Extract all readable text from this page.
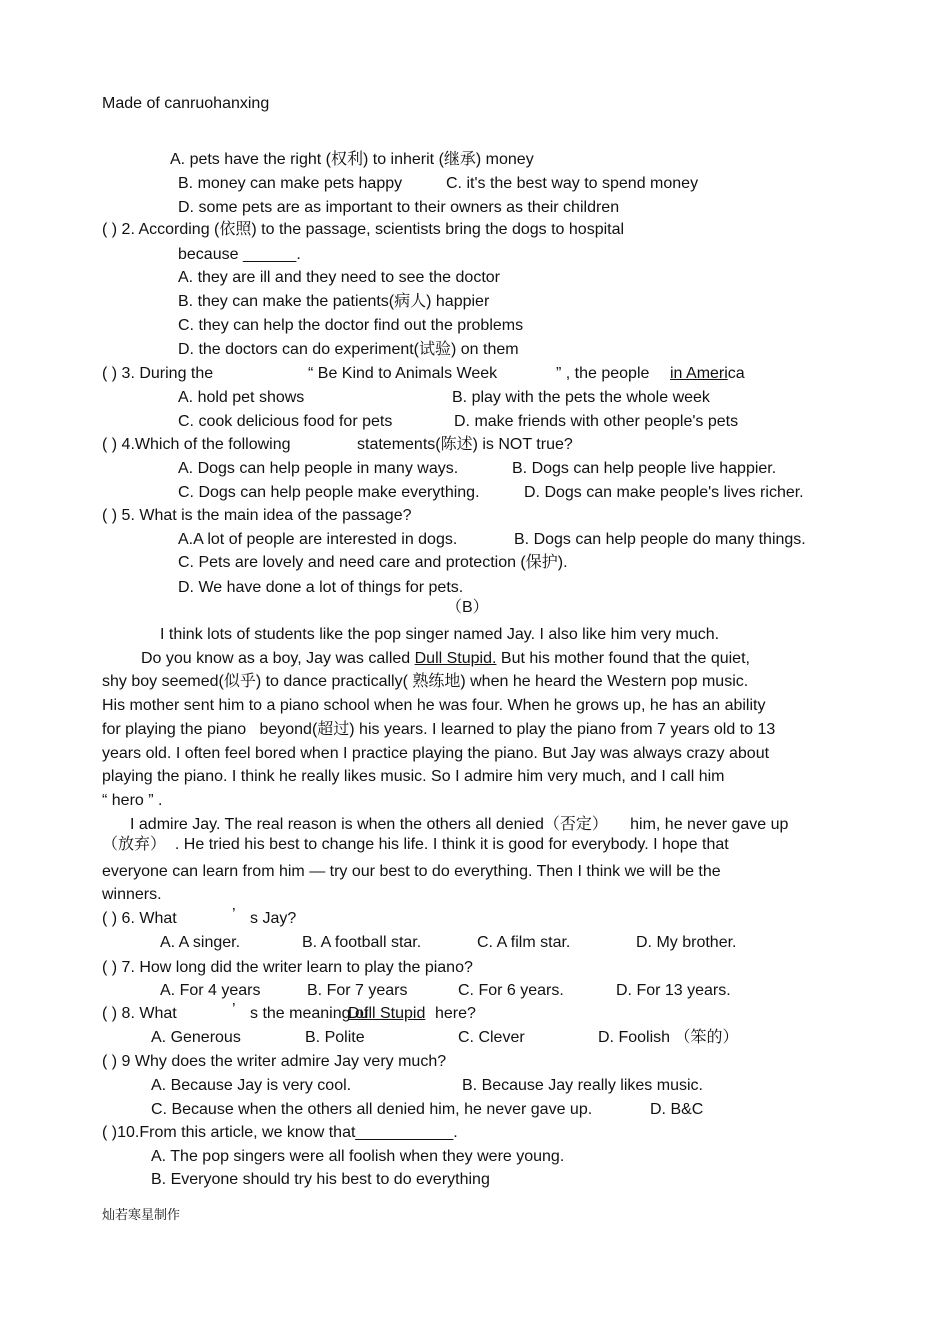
Made of canruohanxing
A. pets have the right (权利) to inherit (继承) money
B. money can make pets happy	C. it's the best way to spend money
D. some pets are as important to their owners as their children
( ) 2. According (依照) to the passage, scientists bring the dogs to hospital
because ______.
A. they are ill and they need to see the doctor
B. they can make the patients(病人) happier
C. they can help the doctor find out the problems
D. the doctors can do experiment(试验) on them
( ) 3. During the	“ Be Kind to Animals Week	” , the people in America
A. hold pet shows	B. play with the pets the whole week
C. cook delicious food for pets	D. make friends with other people's pets
( ) 4.Which of the following	statements(陈述) is NOT true?
A. Dogs can help people in many ways.	B. Dogs can help people live happier.
C. Dogs can help people make everything.	D. Dogs can make people's lives richer.
( ) 5. What is the main idea of the passage?
A.A lot of people are interested in dogs.	B. Dogs can help people do many things.
C. Pets are lovely and need care and protection (保护).
D. We have done a lot of things for pets.
（B）
I think lots of students like the pop singer named Jay. I also like him very much.
Do you know as a boy, Jay was called Dull Stupid. But his mother found that the quiet,
shy boy seemed(似乎) to dance practically( 熟练地) when he heard the Western pop music.
His mother sent him to a piano school when he was four. When he grows up, he has an ability
for playing the piano beyond(超过) his years. I learned to play the piano from 7 years old to 13
years old. I often feel bored when I practice playing the piano. But Jay was always crazy about
playing the piano. I think he really likes music. So I admire him very much, and I call him
“ hero ” .
I admire Jay. The real reason is when the others all denied（否定） him, he never gave up
（放弃） . He tried his best to change his life. I think it is good for everybody. I hope that
everyone can learn from him — try our best to do everything. Then I think we will be the
winners.
( ) 6. What	’ s Jay?
A. A singer.	B. A football star.	C. A film star.	D. My brother.
( ) 7. How long did the writer learn to play the piano?
A. For 4 years	B. For 7 years	C. For 6 years.	D. For 13 years.
( ) 8. What	’ s the meaning of
Dull Stupid here?
A. Generous	B. Polite	C. Clever	D. Foolish （笨的）
( ) 9 Why does the writer admire Jay very much?
A. Because Jay is very cool.	B. Because Jay really likes music.
C. Because when the others all denied him, he never gave up.	D. B&C
( )10.From this article, we know that___________.
A. The pop singers were all foolish when they were young.
B. Everyone should try his best to do everything
灿若寒星制作
